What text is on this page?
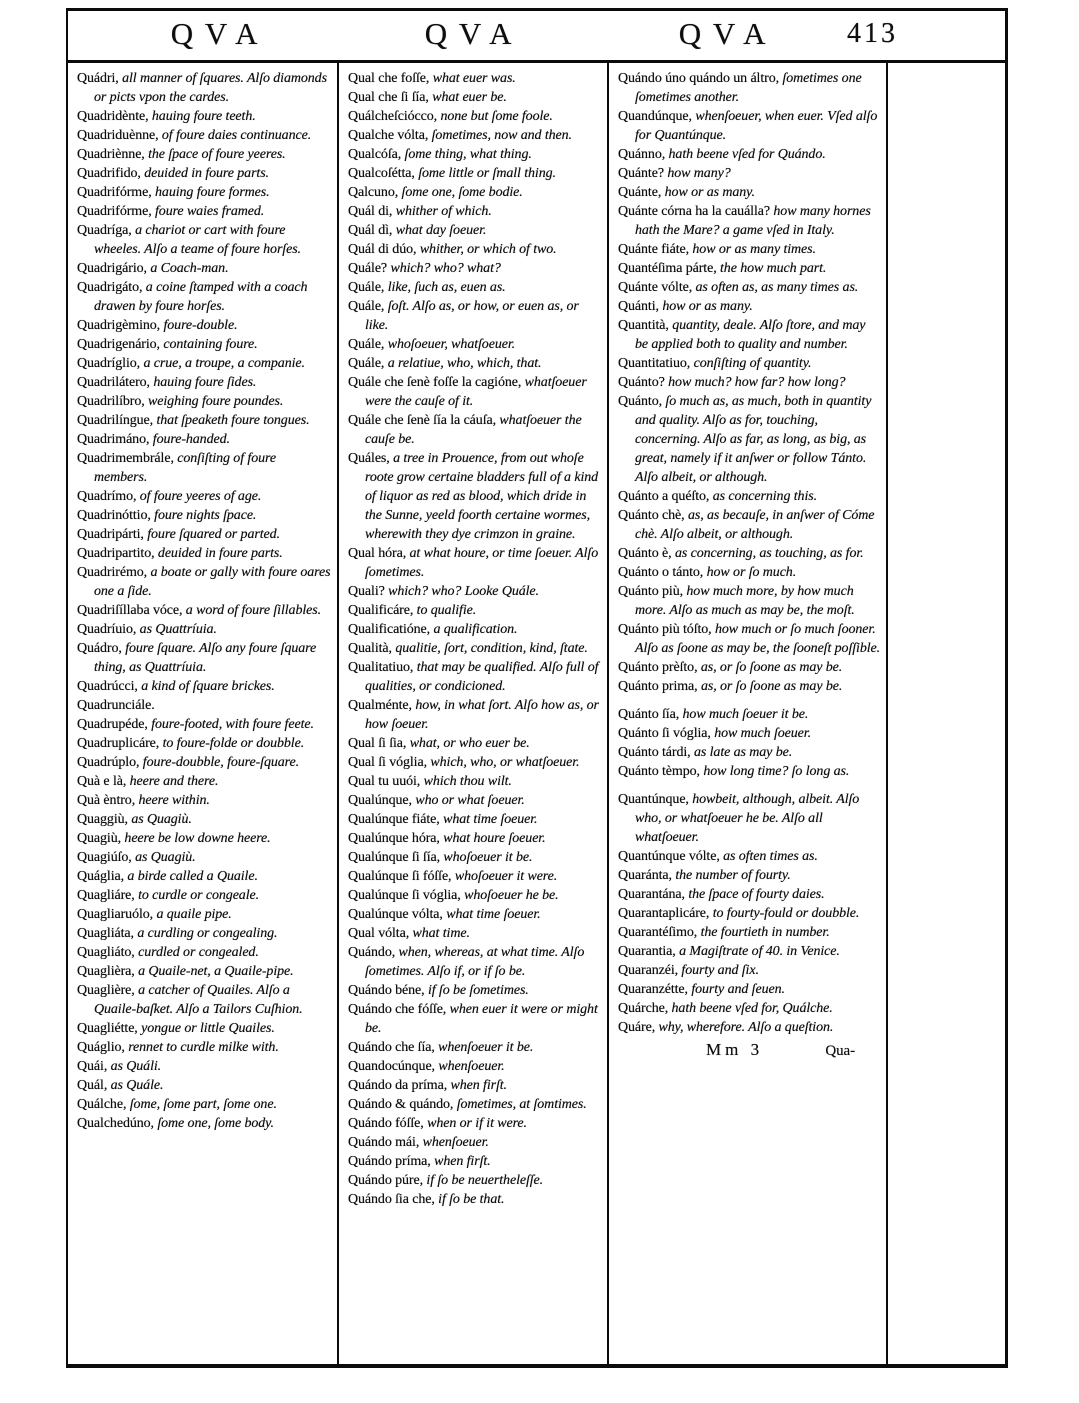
QVA	QVA	QVA 413
Quádri, all manner of ſquares. Alſo diamonds or picts vpon the cardes.
Quadridènte, hauing foure teeth.
Quadriduènne, of foure daies continuance.
Quadriènne, the ſpace of foure yeeres.
Quadrifido, deuided in foure parts.
Quadrifórme, hauing foure formes.
Quadrifórme, foure waies framed.
Quadríga, a chariot or cart with foure wheeles. Alſo a teame of foure horſes.
Quadrigário, a Coach-man.
Quadrigáto, a coine ſtamped with a coach drawen by foure horſes.
Quadrigèmino, foure-double.
Quadrigenário, containing foure.
Quadríglio, a crue, a troupe, a companie.
Quadrilátero, hauing foure ſides.
Quadrilíbro, weighing foure poundes.
Quadrilíngue, that ſpeaketh foure tongues.
Quadrimáno, foure-handed.
Quadrimembrále, conſiſting of foure members.
Quadrímo, of foure yeeres of age.
Quadrinóttio, foure nights ſpace.
Quadripárti, foure ſquared or parted.
Quadripartito, deuided in foure parts.
Quadrirémo, a boate or gally with foure oares one a ſide.
Quadriſíllaba vóce, a word of foure ſillables.
Quadríuio, as Quattríuia.
Quádro, foure ſquare. Alſo any foure ſquare thing, as Quattríuia.
Quadrúcci, a kind of ſquare brickes.
Quadrunciále.
Quadrupéde, foure-footed, with foure feete.
Quadruplicáre, to foure-folde or doubble.
Quadrúplo, foure-doubble, foure-ſquare.
Quà e là, heere and there.
Quà èntro, heere within.
Quaggiù, as Quagiù.
Quagiù, heere be low downe heere.
Quagiúſo, as Quagiù.
Quáglia, a birde called a Quaile.
Quagliáre, to curdle or congeale.
Quagliaruólo, a quaile pipe.
Quagliáta, a curdling or congealing.
Quagliáto, curdled or congealed.
Quaglièra, a Quaile-net, a Quaile-pipe.
Quaglière, a catcher of Quailes. Alſo a Quaile-baſket. Alſo a Tailors Cuſhion.
Quagliétte, yongue or little Quailes.
Quáglio, rennet to curdle milke with.
Quái, as Quáli.
Quál, as Quále.
Quálche, ſome, ſome part, ſome one.
Qualchedúno, ſome one, ſome body.
Qual che foſſe, what euer was.
Qual che ſi ſía, what euer be.
Quálcheſciócco, none but ſome foole.
Qualche vólta, ſometimes, now and then.
Qualcóſa, ſome thing, what thing.
Qualcoſétta, ſome little or ſmall thing.
Qalcuno, ſome one, ſome bodie.
Quál di, whither of which.
Quál dì, what day ſoeuer.
Quál di dúo, whither, or which of two.
Quále? which? who? what?
Quále, like, ſuch as, euen as.
Quále, ſoſt. Alſo as, or how, or euen as, or like.
Quále, whoſoeuer, whatſoeuer.
Quále, a relatiue, who, which, that.
Quále che ſenè foſſe la cagióne, whatſoeuer were the cauſe of it.
Quále che ſenè ſía la cáuſa, whatſoeuer the cauſe be.
Quáles, a tree in Prouence, from out whoſe roote grow certaine bladders full of a kind of liquor as red as blood, which dride in the Sunne, yeeld foorth certaine wormes, wherewith they dye crimzon in graine.
Qual hóra, at what houre, or time ſoeuer. Alſo ſometimes.
Quali? which? who? Looke Quále.
Qualificáre, to qualifie.
Qualificatióne, a qualification.
Qualità, qualitie, ſort, condition, kind, ſtate.
Qualitatiuo, that may be qualified. Alſo full of qualities, or condicioned.
Qualménte, how, in what ſort. Alſo how as, or how ſoeuer.
Qual ſi ſia, what, or who euer be.
Qual ſi vóglia, which, who, or whatſoeuer.
Qual tu uuói, which thou wilt.
Qualúnque, who or what ſoeuer.
Qualúnque fiáte, what time ſoeuer.
Qualúnque hóra, what houre ſoeuer.
Qualúnque ſi ſía, whoſoeuer it be.
Qualúnque ſi fóſſe, whoſoeuer it were.
Qualúnque ſi vóglia, whoſoeuer he be.
Qualúnque vólta, what time ſoeuer.
Qual vólta, what time.
Quándo, when, whereas, at what time. Alſo ſometimes. Alſo if, or if ſo be.
Quándo béne, if ſo be ſometimes.
Quándo che fóſſe, when euer it were or might be.
Quándo che ſía, whenſoeuer it be.
Quandocúnque, whenſoeuer.
Quándo da príma, when firſt.
Quándo & quándo, ſometimes, at ſomtimes.
Quándo fóſſe, when or if it were.
Quándo mái, whenſoeuer.
Quándo príma, when firſt.
Quándo púre, if ſo be neuertheleſſe.
Quándo ſia che, if ſo be that.
Quándo úno quándo un áltro, ſometimes one ſometimes another.
Quandúnque, whenſoeuer, when euer. Vſed alſo for Quantúnque.
Quánno, hath beene vſed for Quándo.
Quánte? how many?
Quánte, how or as many.
Quánte córna ha la cauálla? how many hornes hath the Mare? a game vſed in Italy.
Quánte fiáte, how or as many times.
Quantéſima párte, the how much part.
Quánte vólte, as often as, as many times as.
Quánti, how or as many.
Quantità, quantity, deale. Alſo ſtore, and may be applied both to quality and number.
Quantitatiuo, conſiſting of quantity.
Quánto? how much? how far? how long?
Quánto, ſo much as, as much, both in quantity and quality. Alſo as for, touching, concerning. Alſo as far, as long, as big, as great, namely if it anſwer or follow Tánto. Alſo albeit, or although.
Quánto a quéſto, as concerning this.
Quánto chè, as, as becauſe, in anſwer of Cóme chè. Alſo albeit, or although.
Quánto è, as concerning, as touching, as for.
Quánto o tánto, how or ſo much.
Quánto più, how much more, by how much more. Alſo as much as may be, the moſt.
Quánto più tóſto, how much or ſo much ſooner. Alſo as ſoone as may be, the ſooneſt poſſible.
Quánto prèſto, as, or ſo ſoone as may be.
Quánto prima, as, or ſo ſoone as may be.
Quánto ſía, how much ſoeuer it be.
Quánto ſi vóglia, how much ſoeuer.
Quánto tárdi, as late as may be.
Quánto tèmpo, how long time? ſo long as.
Quantúnque, howbeit, although, albeit. Alſo who, or whatſoeuer he be. Alſo all whatſoeuer.
Quantúnque vólte, as often times as.
Quaránta, the number of fourty.
Quarantána, the ſpace of fourty daies.
Quarantaplicáre, to fourty-fould or doubble.
Quarantéſimo, the fourtieth in number.
Quarantia, a Magiſtrate of 40. in Venice.
Quaranzéi, fourty and ſix.
Quaranzétte, fourty and ſeuen.
Quárche, hath beene vſed for, Quálche.
Quáre, why, wherefore. Alſo a queſtion.
Mm 3	Qua-
